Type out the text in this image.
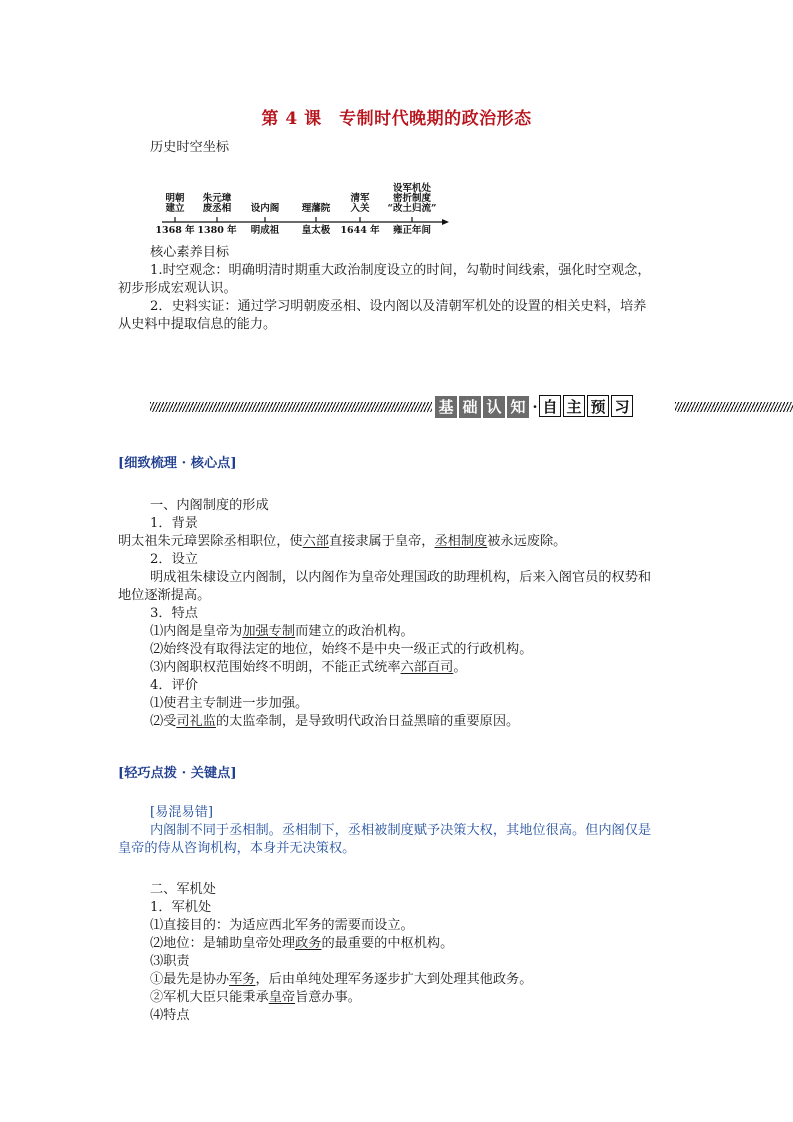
第 4 课　专制时代晚期的政治形态
历史时空坐标
明朝
建立
1368 年
朱元璋
废丞相
1380 年
设内阁
明成祖
理藩院
皇太极
清军
入关
1644 年
设军机处
密折制度
“改土归流”
雍正年间
核心素养目标
1.时空观念：明确明清时期重大政治制度设立的时间，勾勒时间线索，强化时空观念，
初步形成宏观认识。
2．史料实证：通过学习明朝废丞相、设内阁以及清朝军机处的设置的相关史料，培养
从史料中提取信息的能力。
基 础 认 知 · 自 主 预 习
[细致梳理 · 核心点]
一、内阁制度的形成
1．背景
明太祖朱元璋罢除丞相职位，使六部直接隶属于皇帝，丞相制度被永远废除。
2．设立
明成祖朱棣设立内阁制，以内阁作为皇帝处理国政的助理机构，后来入阁官员的权势和
地位逐渐提高。
3．特点
⑴内阁是皇帝为加强专制而建立的政治机构。
⑵始终没有取得法定的地位，始终不是中央一级正式的行政机构。
⑶内阁职权范围始终不明朗，不能正式统率六部百司。
4．评价
⑴使君主专制进一步加强。
⑵受司礼监的太监牵制，是导致明代政治日益黑暗的重要原因。
[轻巧点拨 · 关键点]
[易混易错]
内阁制不同于丞相制。丞相制下，丞相被制度赋予决策大权，其地位很高。但内阁仅是
皇帝的侍从咨询机构，本身并无决策权。
二、军机处
1．军机处
⑴直接目的：为适应西北军务的需要而设立。
⑵地位：是辅助皇帝处理政务的最重要的中枢机构。
⑶职责
①最先是协办军务，后由单纯处理军务逐步扩大到处理其他政务。
②军机大臣只能秉承皇帝旨意办事。
⑷特点
